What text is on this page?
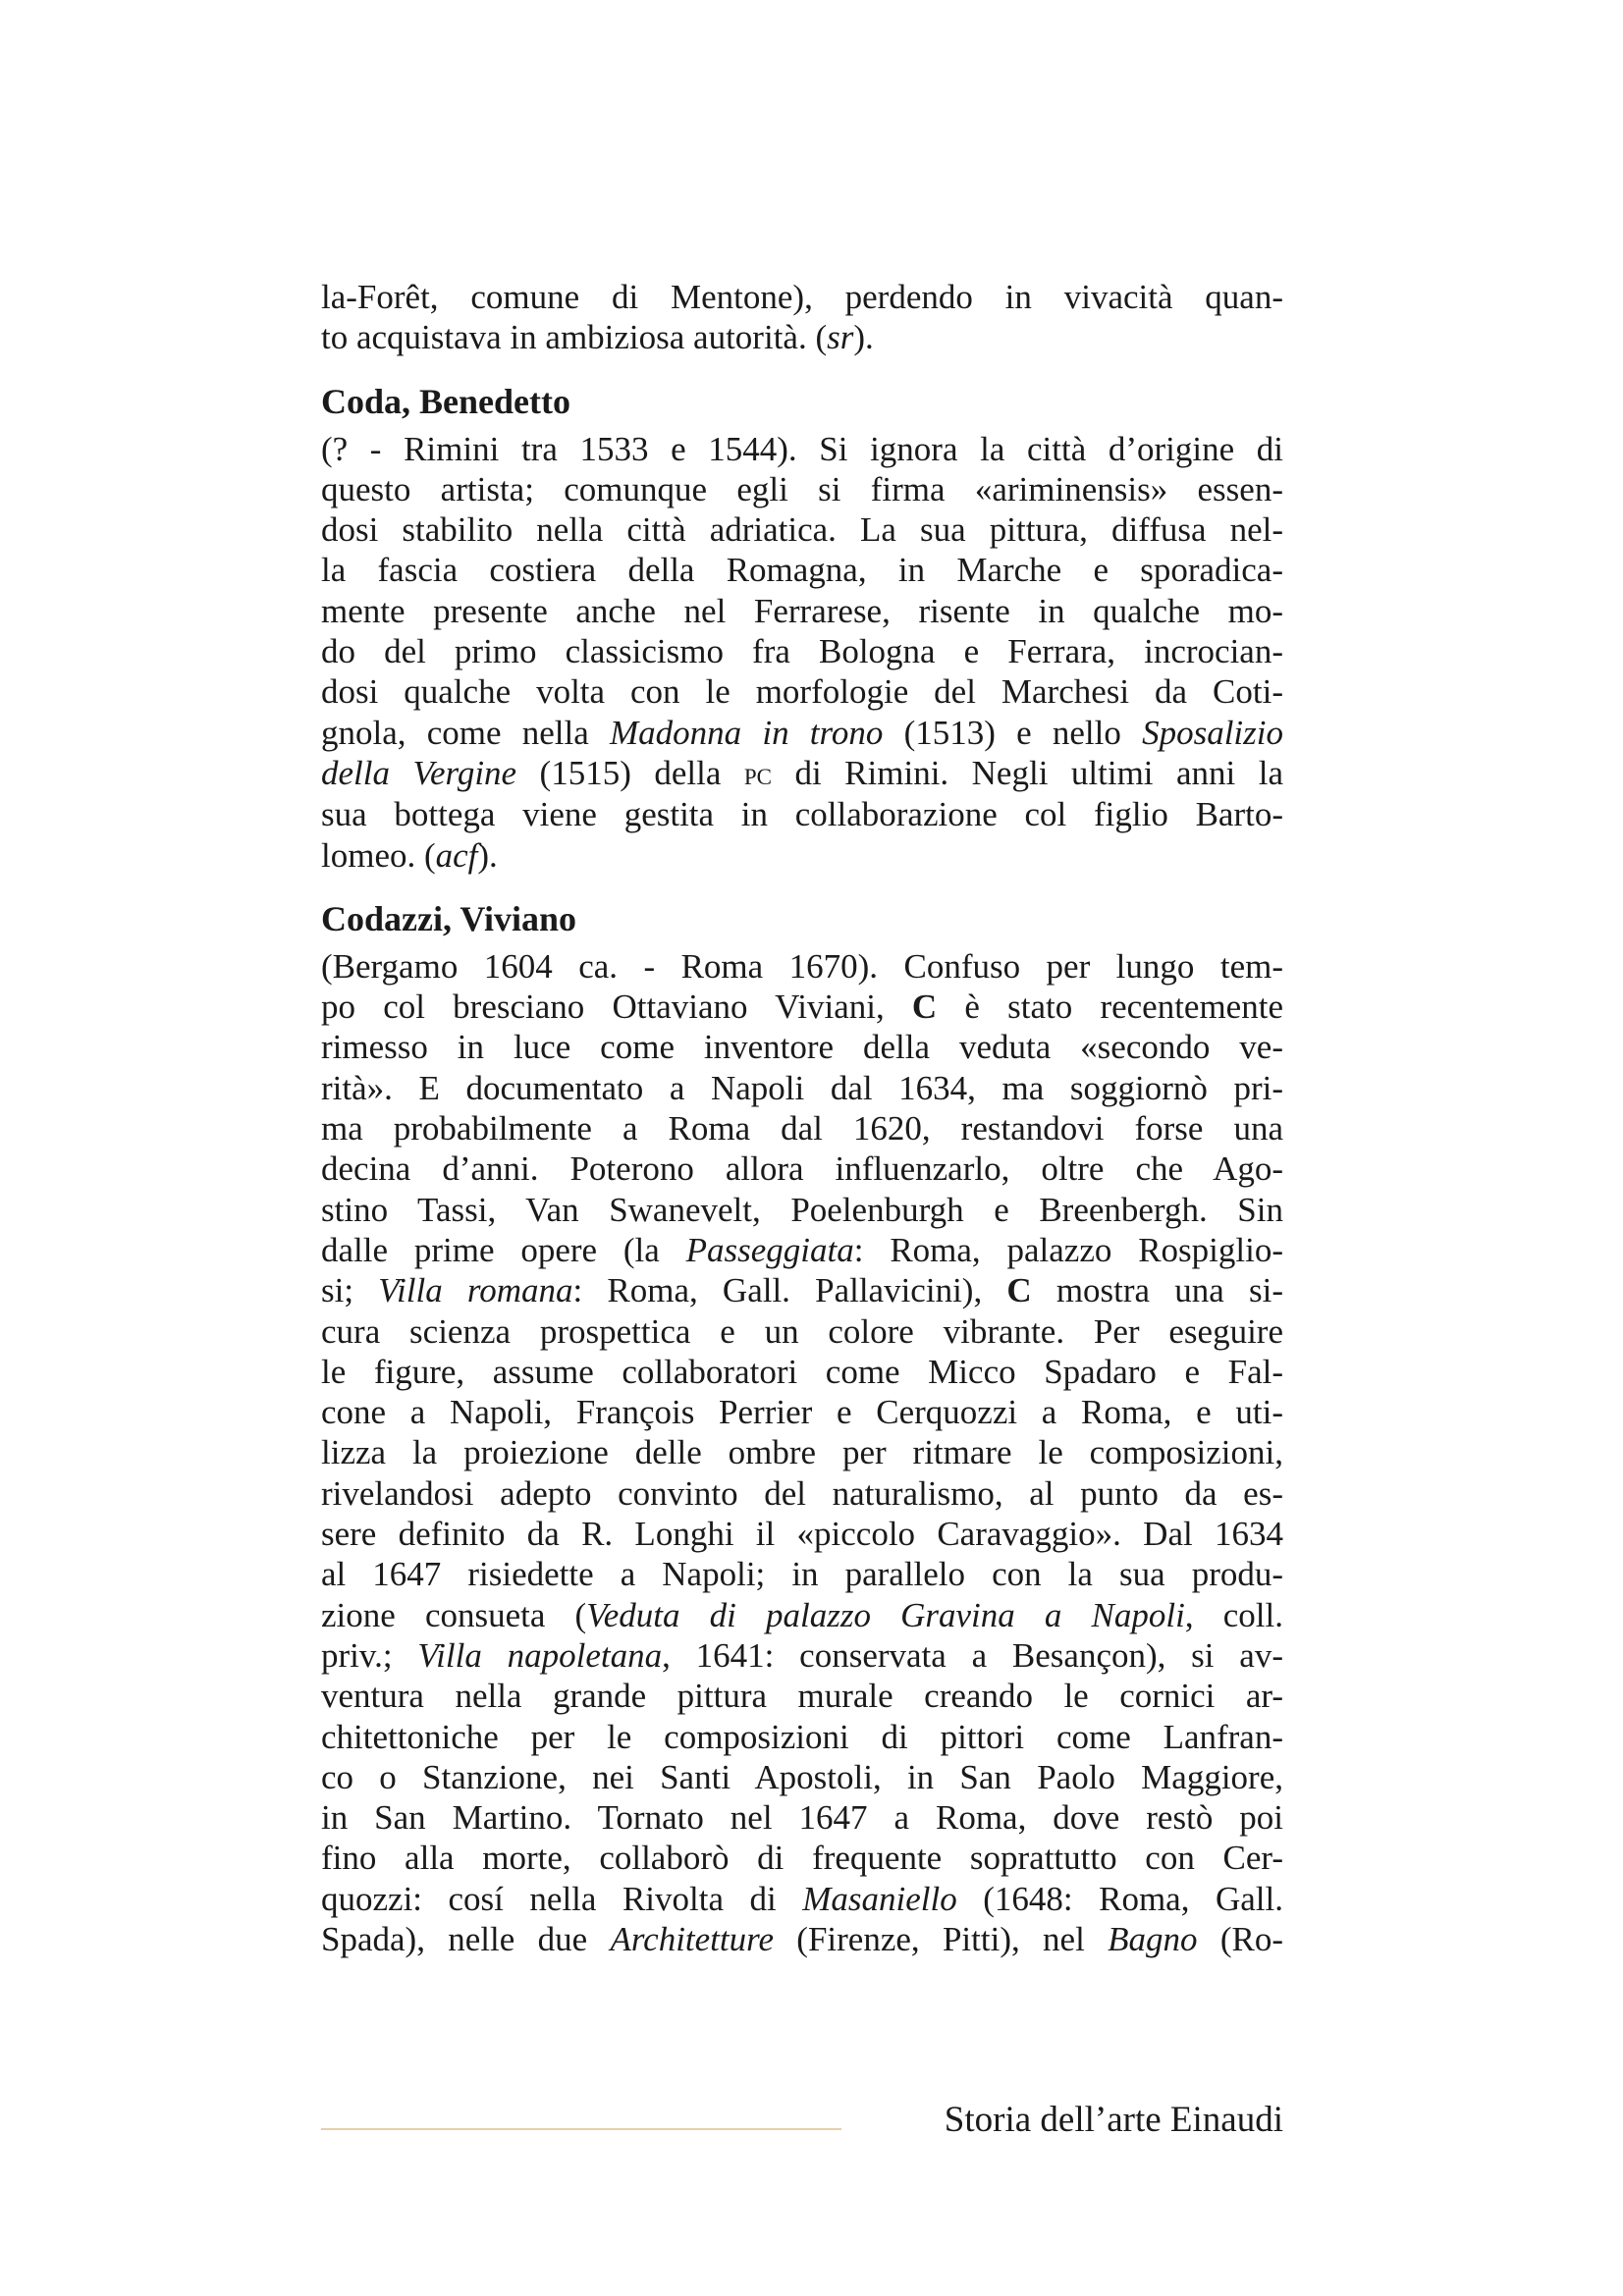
la-Forêt, comune di Mentone), perdendo in vivacità quan-
to acquistava in ambiziosa autorità. (sr).

Coda, Benedetto

(? - Rimini tra 1533 e 1544). Si ignora la città d’origine di
questo artista; comunque egli si firma «ariminensis» essen-
dosi stabilito nella città adriatica. La sua pittura, diffusa nel-
la fascia costiera della Romagna, in Marche e sporadica-
mente presente anche nel Ferrarese, risente in qualche mo-
do del primo classicismo fra Bologna e Ferrara, incrocian-
dosi qualche volta con le morfologie del Marchesi da Coti-
gnola, come nella Madonna in trono (1513) e nello Sposalizio
della Vergine (1515) della pc di Rimini. Negli ultimi anni la
sua bottega viene gestita in collaborazione col figlio Barto-
lomeo. (acf).

Codazzi, Viviano

(Bergamo 1604 ca. - Roma 1670). Confuso per lungo tem-
po col bresciano Ottaviano Viviani, C è stato recentemente
rimesso in luce come inventore della veduta «secondo ve-
rità». E documentato a Napoli dal 1634, ma soggiornò pri-
ma probabilmente a Roma dal 1620, restandovi forse una
decina d’anni. Poterono allora influenzarlo, oltre che Ago-
stino Tassi, Van Swanevelt, Poelenburgh e Breenbergh. Sin
dalle prime opere (la Passeggiata: Roma, palazzo Rospiglio-
si; Villa romana: Roma, Gall. Pallavicini), C mostra una si-
cura scienza prospettica e un colore vibrante. Per eseguire
le figure, assume collaboratori come Micco Spadaro e Fal-
cone a Napoli, François Perrier e Cerquozzi a Roma, e uti-
lizza la proiezione delle ombre per ritmare le composizioni,
rivelandosi adepto convinto del naturalismo, al punto da es-
sere definito da R. Longhi il «piccolo Caravaggio». Dal 1634
al 1647 risiedette a Napoli; in parallelo con la sua produ-
zione consueta (Veduta di palazzo Gravina a Napoli, coll.
priv.; Villa napoletana, 1641: conservata a Besançon), si av-
ventura nella grande pittura murale creando le cornici ar-
chitettoniche per le composizioni di pittori come Lanfran-
co o Stanzione, nei Santi Apostoli, in San Paolo Maggiore,
in San Martino. Tornato nel 1647 a Roma, dove restò poi
fino alla morte, collaborò di frequente soprattutto con Cer-
quozzi: cosí nella Rivolta di Masaniello (1648: Roma, Gall.
Spada), nelle due Architetture (Firenze, Pitti), nel Bagno (Ro-

Storia dell’arte Einaudi
